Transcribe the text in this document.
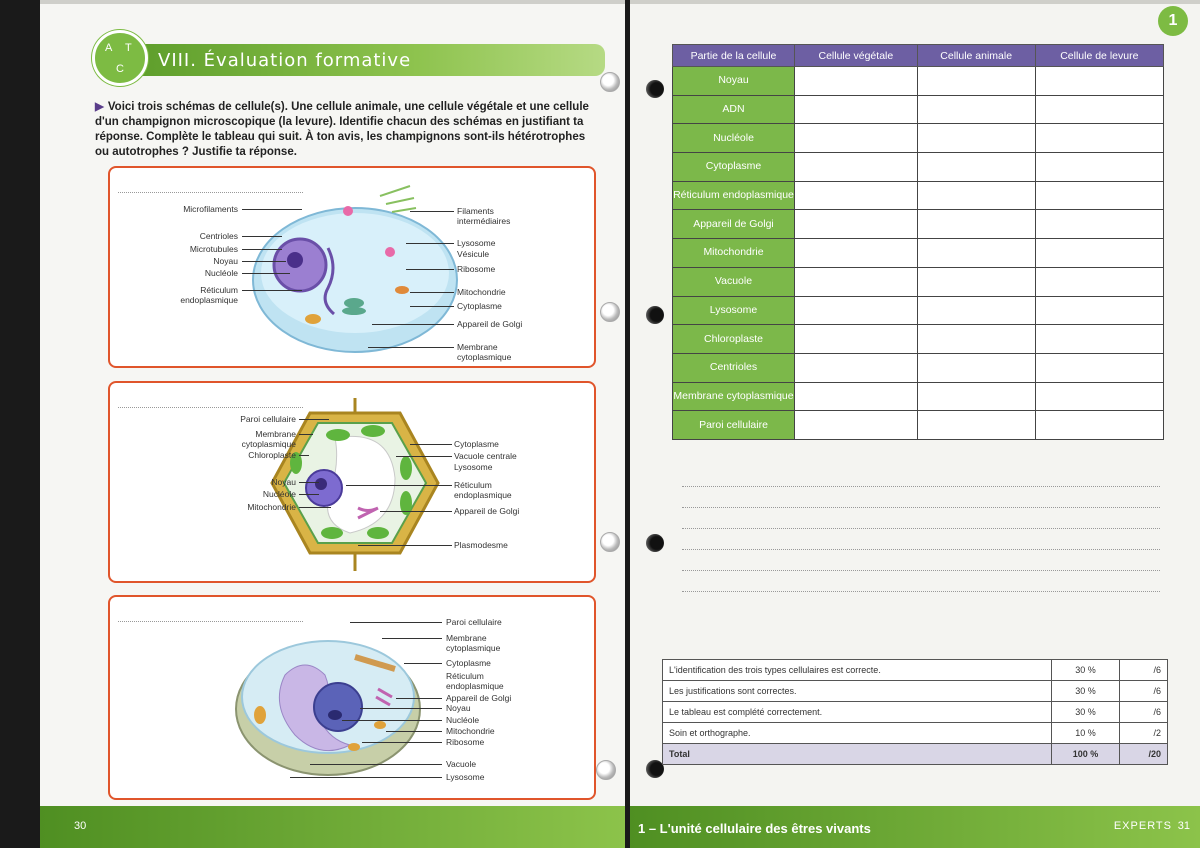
VIII. Évaluation formative
A T
C
▶ Voici trois schémas de cellule(s). Une cellule animale, une cellule végétale et une cellule d'un champignon microscopique (la levure). Identifie chacun des schémas en justifiant ta réponse. Complète le tableau qui suit. À ton avis, les champignons sont-ils hétérotrophes ou autotrophes ? Justifie ta réponse.
Microfilaments
Centrioles
Microtubules
Noyau
Nucléole
Réticulum endoplasmique
Filaments intermédiaires
Lysosome
Vésicule
Ribosome
Mitochondrie
Cytoplasme
Appareil de Golgi
Membrane cytoplasmique
Paroi cellulaire
Membrane cytoplasmique
Chloroplaste
Noyau
Nucléole
Mitochondrie
Cytoplasme
Vacuole centrale
Lysosome
Réticulum endoplasmique
Appareil de Golgi
Plasmodesme
Paroi cellulaire
Membrane cytoplasmique
Cytoplasme
Réticulum endoplasmique
Appareil de Golgi
Noyau
Nucléole
Mitochondrie
Ribosome
Vacuole
Lysosome
30
1
Partie de la cellule	Cellule végétale	Cellule animale	Cellule de levure
Noyau			
ADN			
Nucléole			
Cytoplasme			
Réticulum endoplasmique			
Appareil de Golgi			
Mitochondrie			
Vacuole			
Lysosome			
Chloroplaste			
Centrioles			
Membrane cytoplasmique			
Paroi cellulaire			
L'identification des trois types cellulaires est correcte.	30 %	/6
Les justifications sont correctes.	30 %	/6
Le tableau est complété correctement.	30 %	/6
Soin et orthographe.	10 %	/2
Total	100 %	/20
1 – L'unité cellulaire des êtres vivants	EXPERTS 31
